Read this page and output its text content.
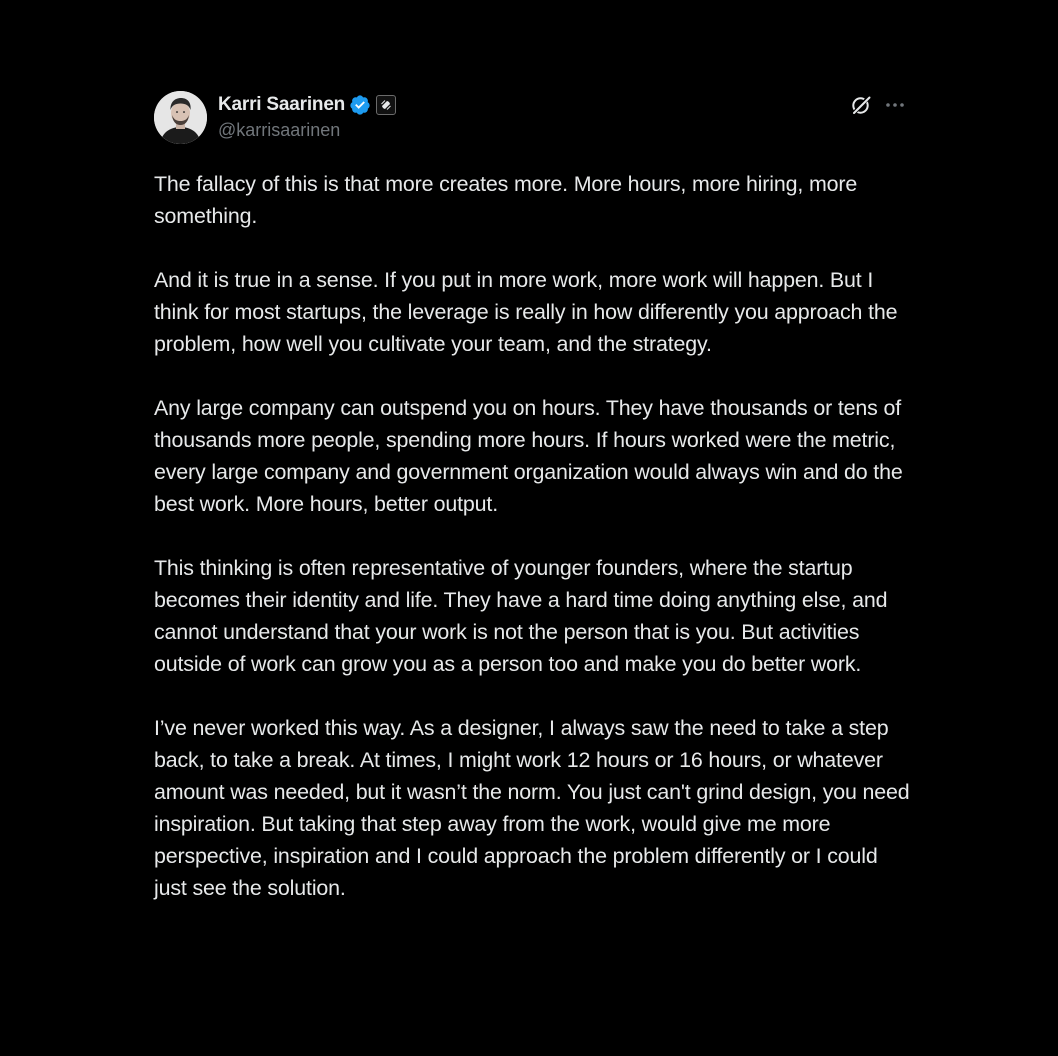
Karri Saarinen
@karrisaarinen

The fallacy of this is that more creates more. More hours, more hiring, more something.

And it is true in a sense. If you put in more work, more work will happen. But I think for most startups, the leverage is really in how differently you approach the problem, how well you cultivate your team, and the strategy.

Any large company can outspend you on hours. They have thousands or tens of thousands more people, spending more hours. If hours worked were the metric, every large company and government organization would always win and do the best work. More hours, better output.

This thinking is often representative of younger founders, where the startup becomes their identity and life. They have a hard time doing anything else, and cannot understand that your work is not the person that is you. But activities outside of work can grow you as a person too and make you do better work.

I’ve never worked this way. As a designer, I always saw the need to take a step back, to take a break. At times, I might work 12 hours or 16 hours, or whatever amount was needed, but it wasn’t the norm. You just can't grind design, you need inspiration. But taking that step away from the work, would give me more perspective, inspiration and I could approach the problem differently or I could just see the solution.
